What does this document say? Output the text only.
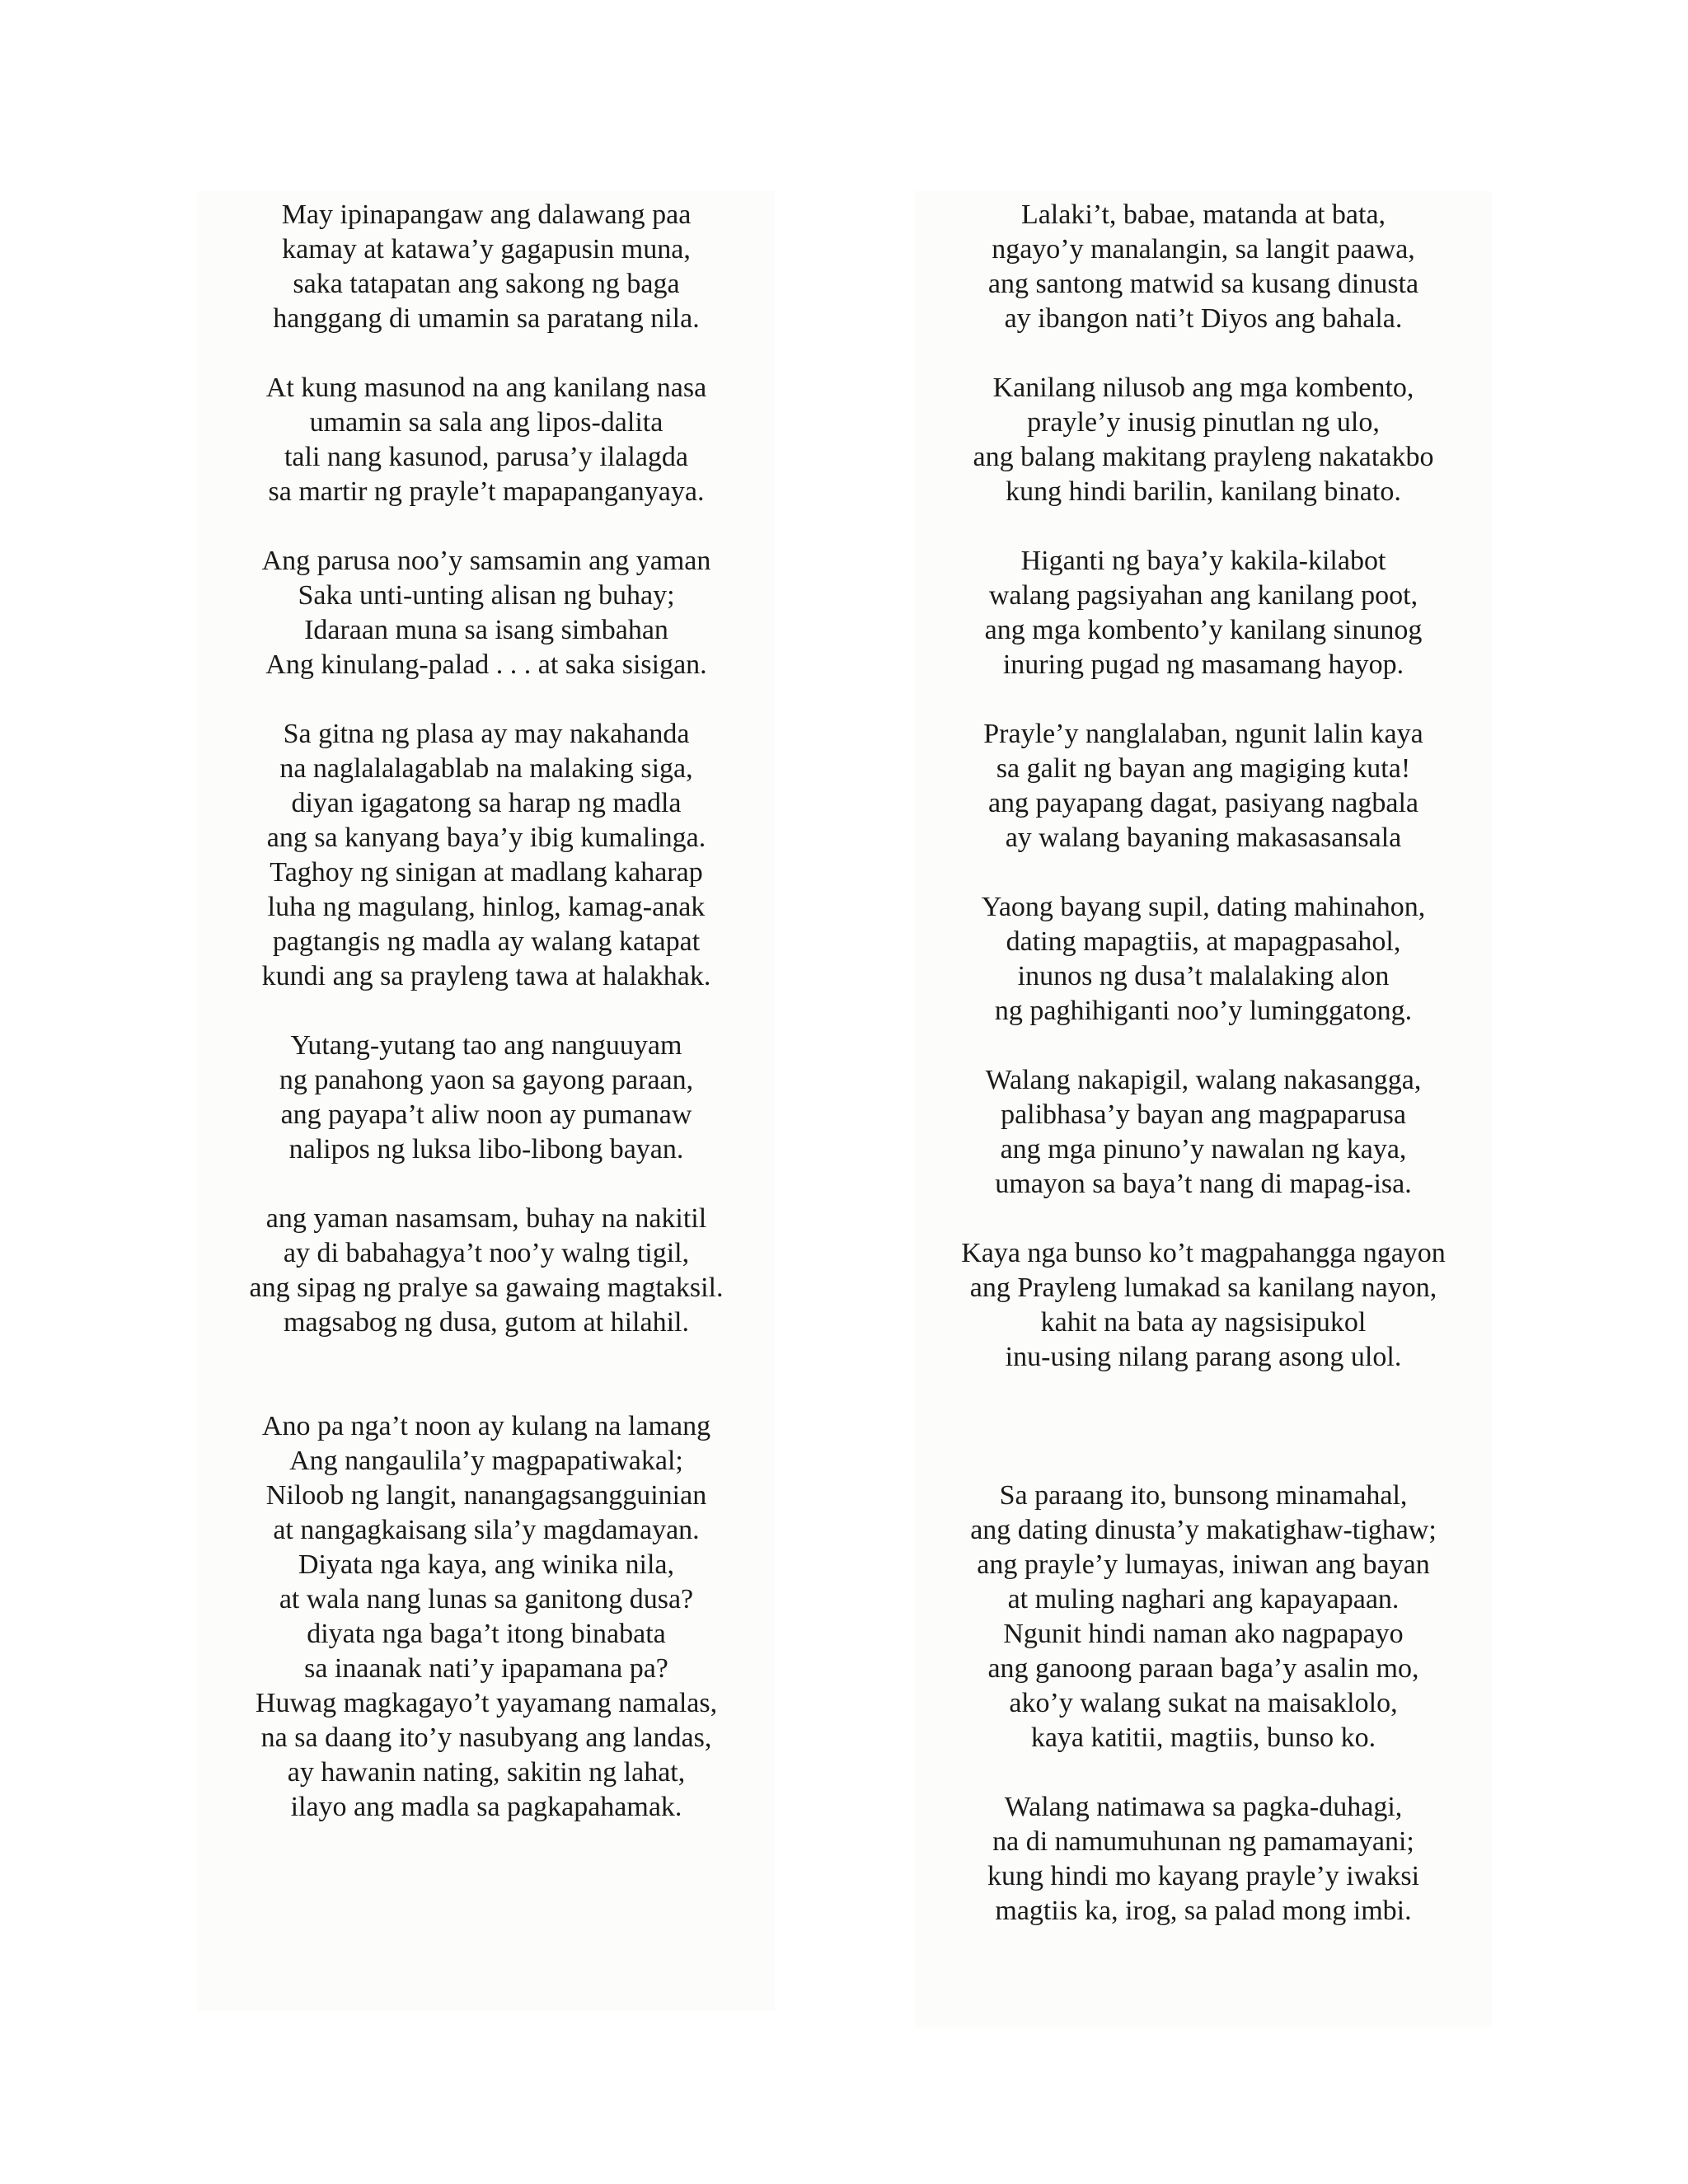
May ipinapangaw ang dalawang paa
kamay at katawa’y gagapusin muna,
saka tatapatan ang sakong ng baga
hanggang di umamin sa paratang nila.

At kung masunod na ang kanilang nasa
umamin sa sala ang lipos-dalita
tali nang kasunod, parusa’y ilalagda
sa martir ng prayle’t mapapanganyaya.

Ang parusa noo’y samsamin ang yaman
Saka unti-unting alisan ng buhay;
Idaraan muna sa isang simbahan
Ang kinulang-palad . . . at saka sisigan.

Sa gitna ng plasa ay may nakahanda
na naglalalagablab na malaking siga,
diyan igagatong sa harap ng madla
ang sa kanyang baya’y ibig kumalinga.
Taghoy ng sinigan at madlang kaharap
luha ng magulang, hinlog, kamag-anak
pagtangis ng madla ay walang katapat
kundi ang sa prayleng tawa at halakhak.

Yutang-yutang tao ang nanguuyam
ng panahong yaon sa gayong paraan,
ang payapa’t aliw noon ay pumanaw
nalipos ng luksa libo-libong bayan.

ang yaman nasamsam, buhay na nakitil
ay di babahagya’t noo’y walng tigil,
ang sipag ng pralye sa gawaing magtaksil.
magsabog ng dusa, gutom at hilahil.

Ano pa nga’t noon ay kulang na lamang
Ang nangaulila’y magpapatiwakal;
Niloob ng langit, nanangagsangguinian
at nangagkaisang sila’y magdamayan.
Diyata nga kaya, ang winika nila,
at wala nang lunas sa ganitong dusa?
diyata nga baga’t itong binabata
sa inaanak nati’y ipapamana pa?
Huwag magkagayo’t yayamang namalas,
na sa daang ito’y nasubyang ang landas,
ay hawanin nating, sakitin ng lahat,
ilayo ang madla sa pagkapahamak.

Lalaki’t, babae, matanda at bata,
ngayo’y manalangin, sa langit paawa,
ang santong matwid sa kusang dinusta
ay ibangon nati’t Diyos ang bahala.

Kanilang nilusob ang mga kombento,
prayle’y inusig pinutlan ng ulo,
ang balang makitang prayleng nakatakbo
kung hindi barilin, kanilang binato.

Higanti ng baya’y kakila-kilabot
walang pagsiyahan ang kanilang poot,
ang mga kombento’y kanilang sinunog
inuring pugad ng masamang hayop.

Prayle’y nanglalaban, ngunit lalin kaya
sa galit ng bayan ang magiging kuta!
ang payapang dagat, pasiyang nagbala
ay walang bayaning makasasansala

Yaong bayang supil, dating mahinahon,
dating mapagtiis, at mapagpasahol,
inunos ng dusa’t malalaking alon
ng paghihiganti noo’y luminggatong.

Walang nakapigil, walang nakasangga,
palibhasa’y bayan ang magpaparusa
ang mga pinuno’y nawalan ng kaya,
umayon sa baya’t nang di mapag-isa.

Kaya nga bunso ko’t magpahangga ngayon
ang Prayleng lumakad sa kanilang nayon,
kahit na bata ay nagsisipukol
inu-using nilang parang asong ulol.

Sa paraang ito, bunsong minamahal,
ang dating dinusta’y makatighaw-tighaw;
ang prayle’y lumayas, iniwan ang bayan
at muling naghari ang kapayapaan.
Ngunit hindi naman ako nagpapayo
ang ganoong paraan baga’y asalin mo,
ako’y walang sukat na maisaklolo,
kaya katitii, magtiis, bunso ko.

Walang natimawa sa pagka-duhagi,
na di namumuhunan ng pamamayani;
kung hindi mo kayang prayle’y iwaksi
magtiis ka, irog, sa palad mong imbi.
